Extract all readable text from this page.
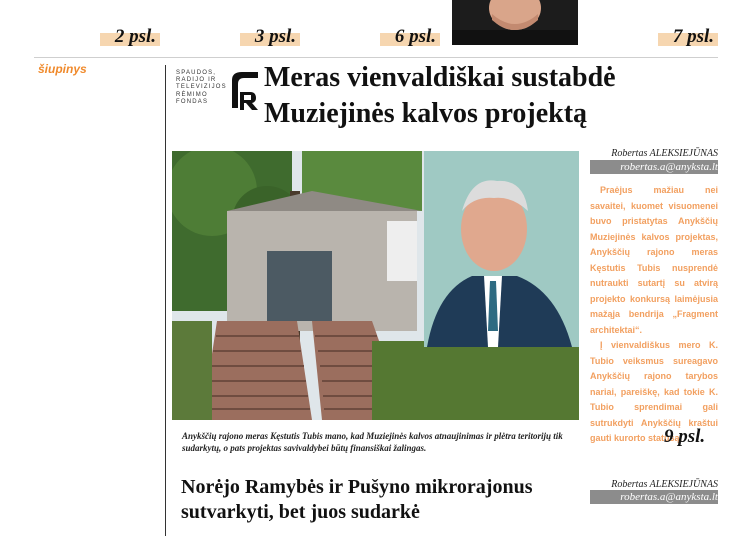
2 psl.	3 psl.	6 psl.	7 psl.
šiupinys	SPAUDOS,
RADIJO IR
TELEVIZIJOS
RĖMIMO
FONDAS
Meras vienvaldiškai sustabdė Muziejinės kalvos projektą
Anykščių rajono meras Kęstutis Tubis mano, kad Muziejinės kalvos atnaujinimas ir plėtra teritorijų tik sudarkytų, o pats projektas savivaldybei būtų finansiškai žalingas.
Robertas ALEKSIEJŪNAS
robertas.a@anyksta.lt

Praėjus mažiau nei savaitei, kuomet visuomenei buvo pristatytas Anykščių Muziejinės kalvos projektas, Anykščių rajono meras Kęstutis Tubis nusprendė nutraukti sutartį su atvirą projekto konkursą laimėjusia mažąja bendrija „Fragment architektai“.

Į vienvaldiškus mero K. Tubio veiksmus sureagavo Anykščių rajono tarybos nariai, pareiškę, kad tokie K. Tubio sprendimai gali sutrukdyti Anykščių kraštui gauti kurorto statusą.

9 psl.
Norėjo Ramybės ir Pušyno mikrorajonus sutvarkyti, bet juos sudarkė
Robertas ALEKSIEJŪNAS
robertas.a@anyksta.lt
